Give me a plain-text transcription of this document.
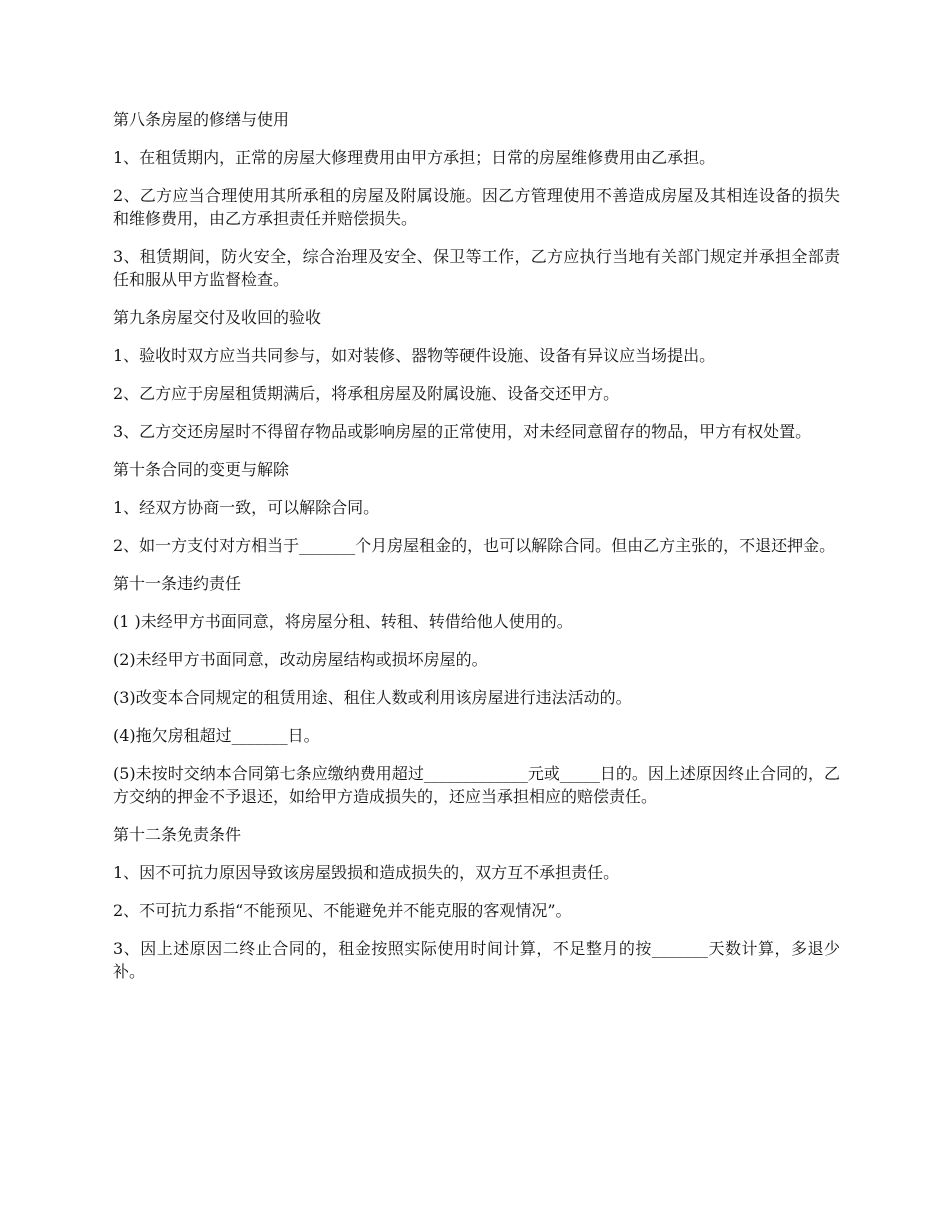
第八条房屋的修缮与使用

1、在租赁期内，正常的房屋大修理费用由甲方承担；日常的房屋维修费用由乙承担。

2、乙方应当合理使用其所承租的房屋及附属设施。因乙方管理使用不善造成房屋及其相连设备的损失和维修费用，由乙方承担责任并赔偿损失。

3、租赁期间，防火安全，综合治理及安全、保卫等工作，乙方应执行当地有关部门规定并承担全部责任和服从甲方监督检查。

第九条房屋交付及收回的验收

1、验收时双方应当共同参与，如对装修、器物等硬件设施、设备有异议应当场提出。

2、乙方应于房屋租赁期满后，将承租房屋及附属设施、设备交还甲方。

3、乙方交还房屋时不得留存物品或影响房屋的正常使用，对未经同意留存的物品，甲方有权处置。

第十条合同的变更与解除

1、经双方协商一致，可以解除合同。

2、如一方支付对方相当于_______个月房屋租金的，也可以解除合同。但由乙方主张的，不退还押金。

第十一条违约责任

(1 )未经甲方书面同意，将房屋分租、转租、转借给他人使用的。

(2)未经甲方书面同意，改动房屋结构或损坏房屋的。

(3)改变本合同规定的租赁用途、租住人数或利用该房屋进行违法活动的。

(4)拖欠房租超过_______日。

(5)未按时交纳本合同第七条应缴纳费用超过_____________元或_____日的。因上述原因终止合同的，乙方交纳的押金不予退还，如给甲方造成损失的，还应当承担相应的赔偿责任。

第十二条免责条件

1、因不可抗力原因导致该房屋毁损和造成损失的，双方互不承担责任。

2、不可抗力系指“不能预见、不能避免并不能克服的客观情况”。

3、因上述原因二终止合同的，租金按照实际使用时间计算，不足整月的按_______天数计算，多退少补。
